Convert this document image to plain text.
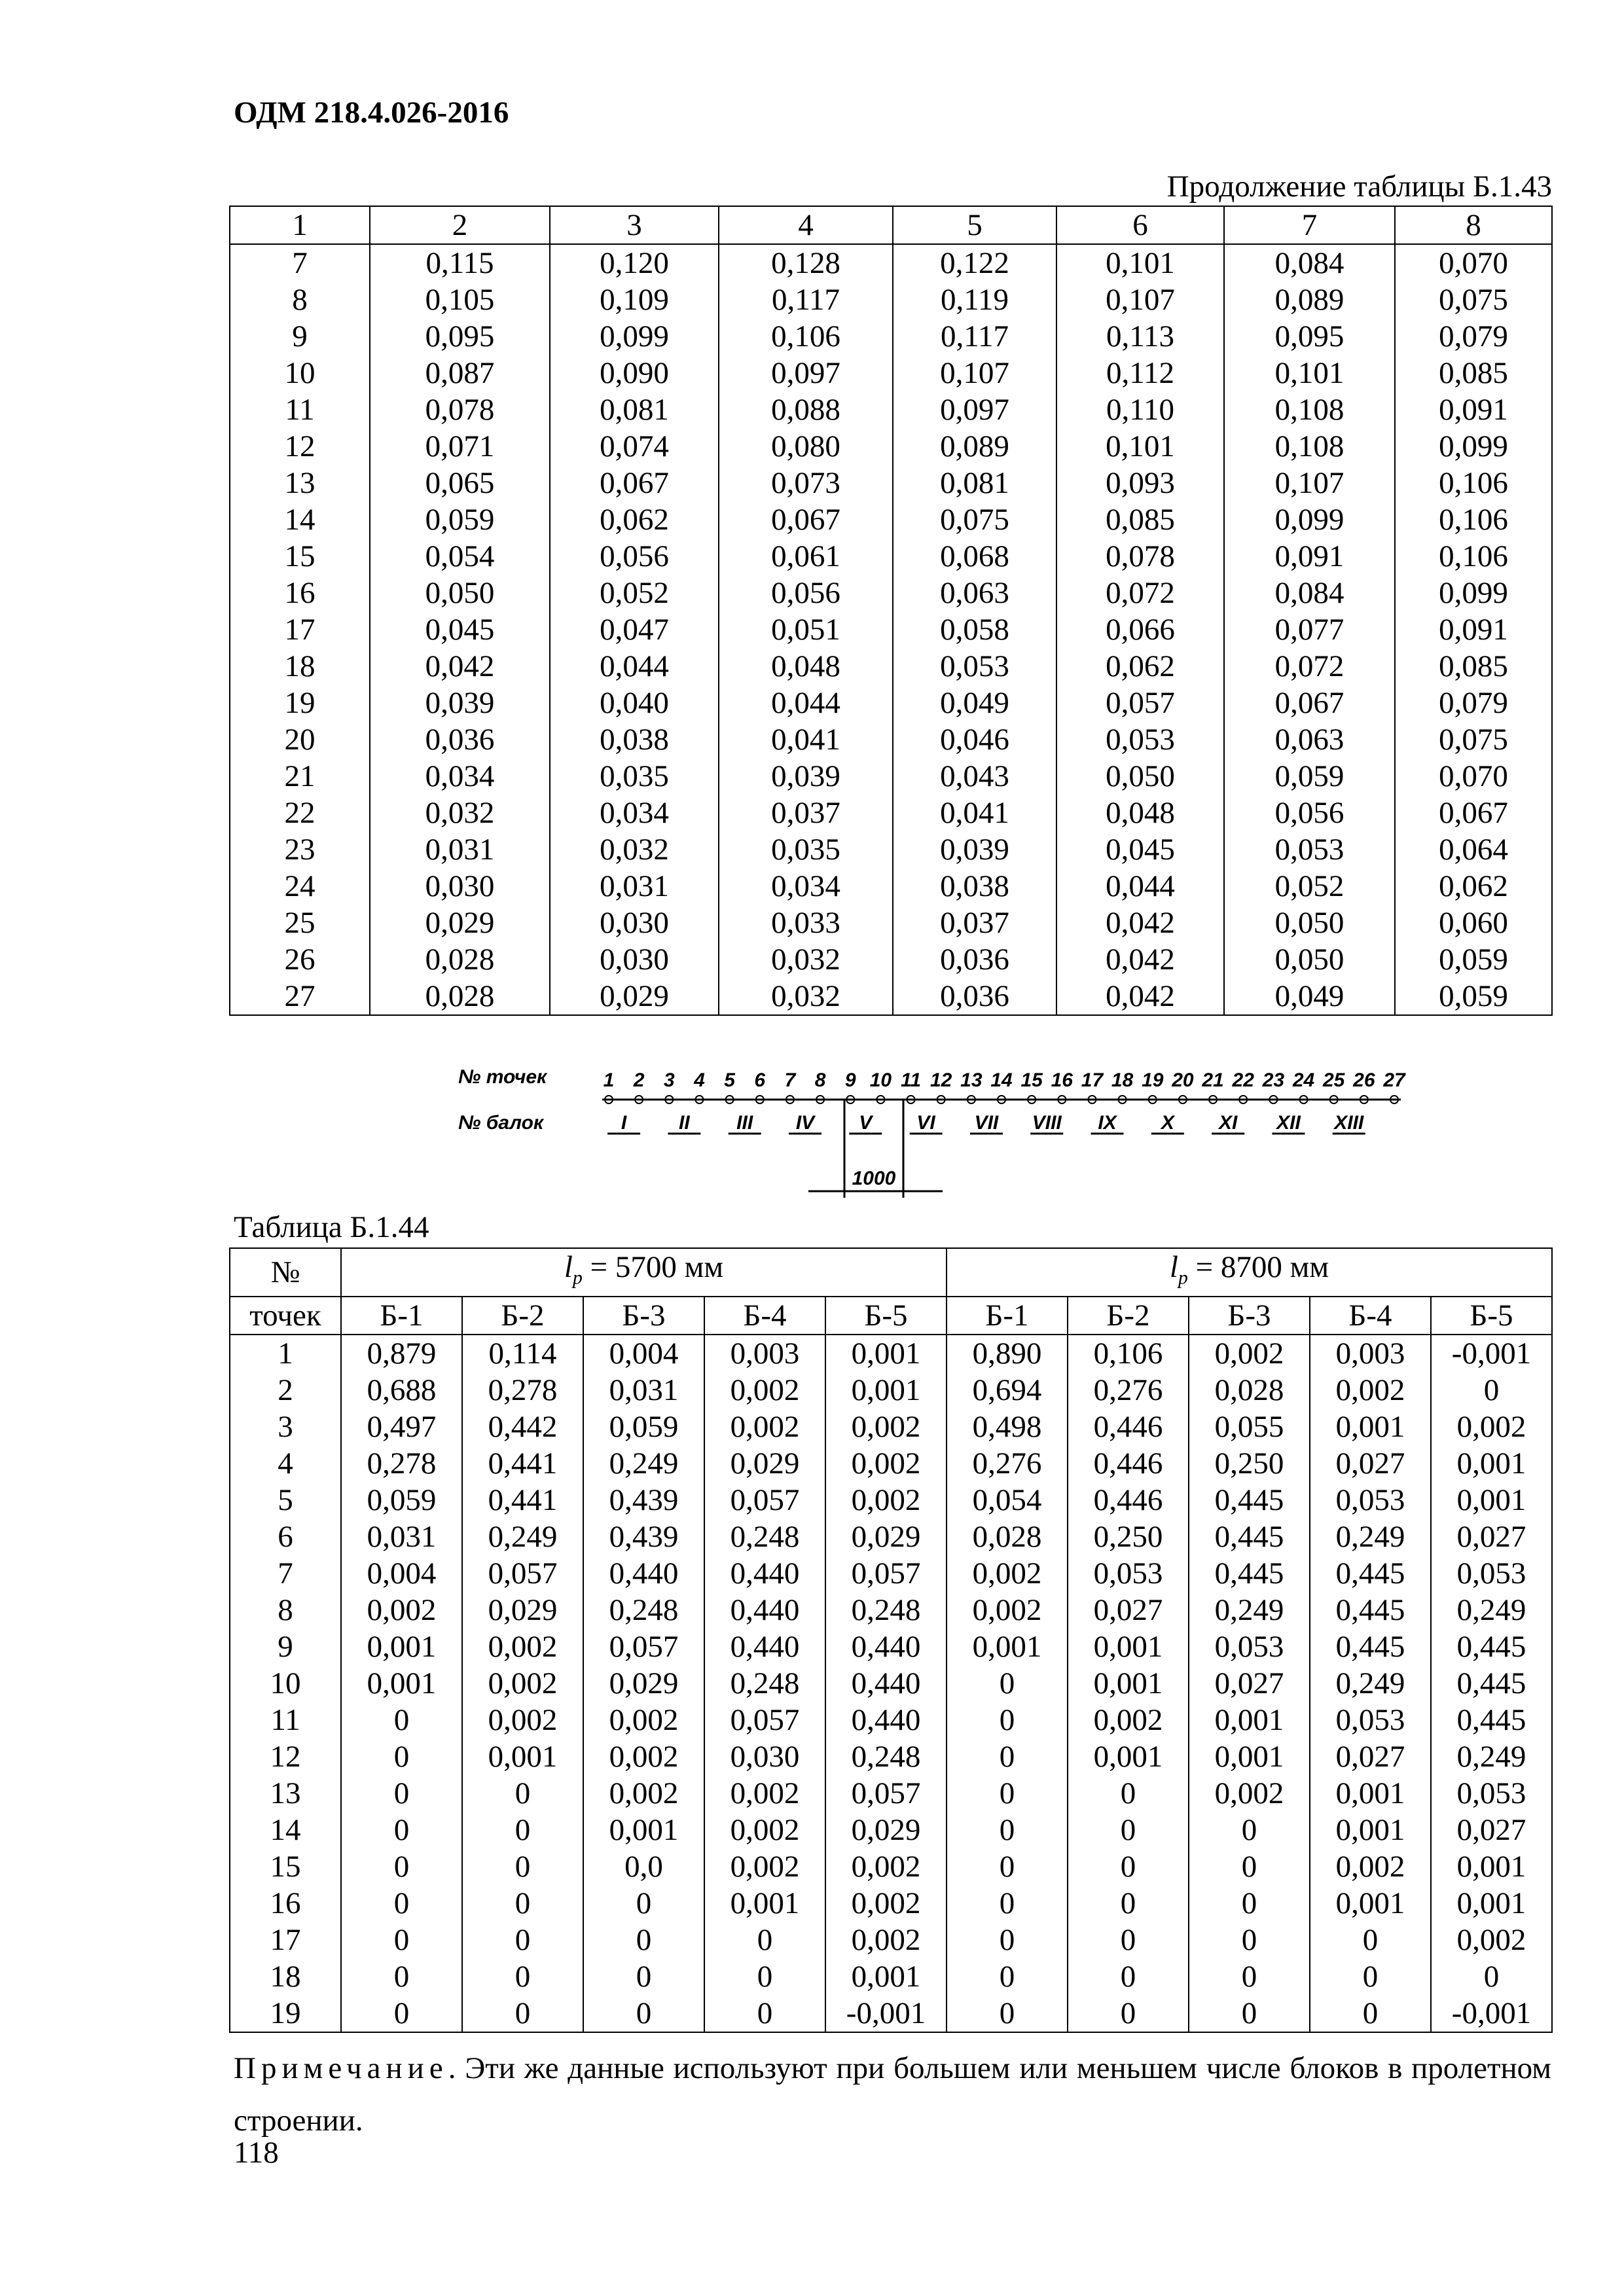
ОДМ 218.4.026-2016
Продолжение таблицы Б.1.43
1	2	3	4	5	6	7	8
7	0,115	0,120	0,128	0,122	0,101	0,084	0,070
8	0,105	0,109	0,117	0,119	0,107	0,089	0,075
9	0,095	0,099	0,106	0,117	0,113	0,095	0,079
10	0,087	0,090	0,097	0,107	0,112	0,101	0,085
11	0,078	0,081	0,088	0,097	0,110	0,108	0,091
12	0,071	0,074	0,080	0,089	0,101	0,108	0,099
13	0,065	0,067	0,073	0,081	0,093	0,107	0,106
14	0,059	0,062	0,067	0,075	0,085	0,099	0,106
15	0,054	0,056	0,061	0,068	0,078	0,091	0,106
16	0,050	0,052	0,056	0,063	0,072	0,084	0,099
17	0,045	0,047	0,051	0,058	0,066	0,077	0,091
18	0,042	0,044	0,048	0,053	0,062	0,072	0,085
19	0,039	0,040	0,044	0,049	0,057	0,067	0,079
20	0,036	0,038	0,041	0,046	0,053	0,063	0,075
21	0,034	0,035	0,039	0,043	0,050	0,059	0,070
22	0,032	0,034	0,037	0,041	0,048	0,056	0,067
23	0,031	0,032	0,035	0,039	0,045	0,053	0,064
24	0,030	0,031	0,034	0,038	0,044	0,052	0,062
25	0,029	0,030	0,033	0,037	0,042	0,050	0,060
26	0,028	0,030	0,032	0,036	0,042	0,050	0,059
27	0,028	0,029	0,032	0,036	0,042	0,049	0,059
№ точек
№ балок
1 2 3 4 5 6 7 8 9 10 11 12 13 14 15 16 17 18 19 20 21 22 23 24 25 26 27
I	II III IV V VI VII VIII IX X XI XII XIII
1000
Таблица Б.1.44
№	$l_p = 5700$ мм					$l_p = 8700$ мм				
точек	Б-1	Б-2	Б-3	Б-4	Б-5	Б-1	Б-2	Б-3	Б-4	Б-5
1	0,879	0,114	0,004	0,003	0,001	0,890	0,106	0,002	0,003	-0,001
2	0,688	0,278	0,031	0,002	0,001	0,694	0,276	0,028	0,002	0
3	0,497	0,442	0,059	0,002	0,002	0,498	0,446	0,055	0,001	0,002
4	0,278	0,441	0,249	0,029	0,002	0,276	0,446	0,250	0,027	0,001
5	0,059	0,441	0,439	0,057	0,002	0,054	0,446	0,445	0,053	0,001
6	0,031	0,249	0,439	0,248	0,029	0,028	0,250	0,445	0,249	0,027
7	0,004	0,057	0,440	0,440	0,057	0,002	0,053	0,445	0,445	0,053
8	0,002	0,029	0,248	0,440	0,248	0,002	0,027	0,249	0,445	0,249
9	0,001	0,002	0,057	0,440	0,440	0,001	0,001	0,053	0,445	0,445
10	0,001	0,002	0,029	0,248	0,440	0	0,001	0,027	0,249	0,445
11	0	0,002	0,002	0,057	0,440	0	0,002	0,001	0,053	0,445
12	0	0,001	0,002	0,030	0,248	0	0,001	0,001	0,027	0,249
13	0	0	0,002	0,002	0,057	0	0	0,002	0,001	0,053
14	0	0	0,001	0,002	0,029	0	0	0	0,001	0,027
15	0	0	0,0	0,002	0,002	0	0	0	0,002	0,001
16	0	0	0	0,001	0,002	0	0	0	0,001	0,001
17	0	0	0	0	0,002	0	0	0	0	0,002
18	0	0	0	0	0,001	0	0	0	0	0
19	0	0	0	0	-0,001	0	0	0	0	-0,001
Примечание. Эти же данные используют при большем или меньшем числе блоков в пролетном строении.
118
